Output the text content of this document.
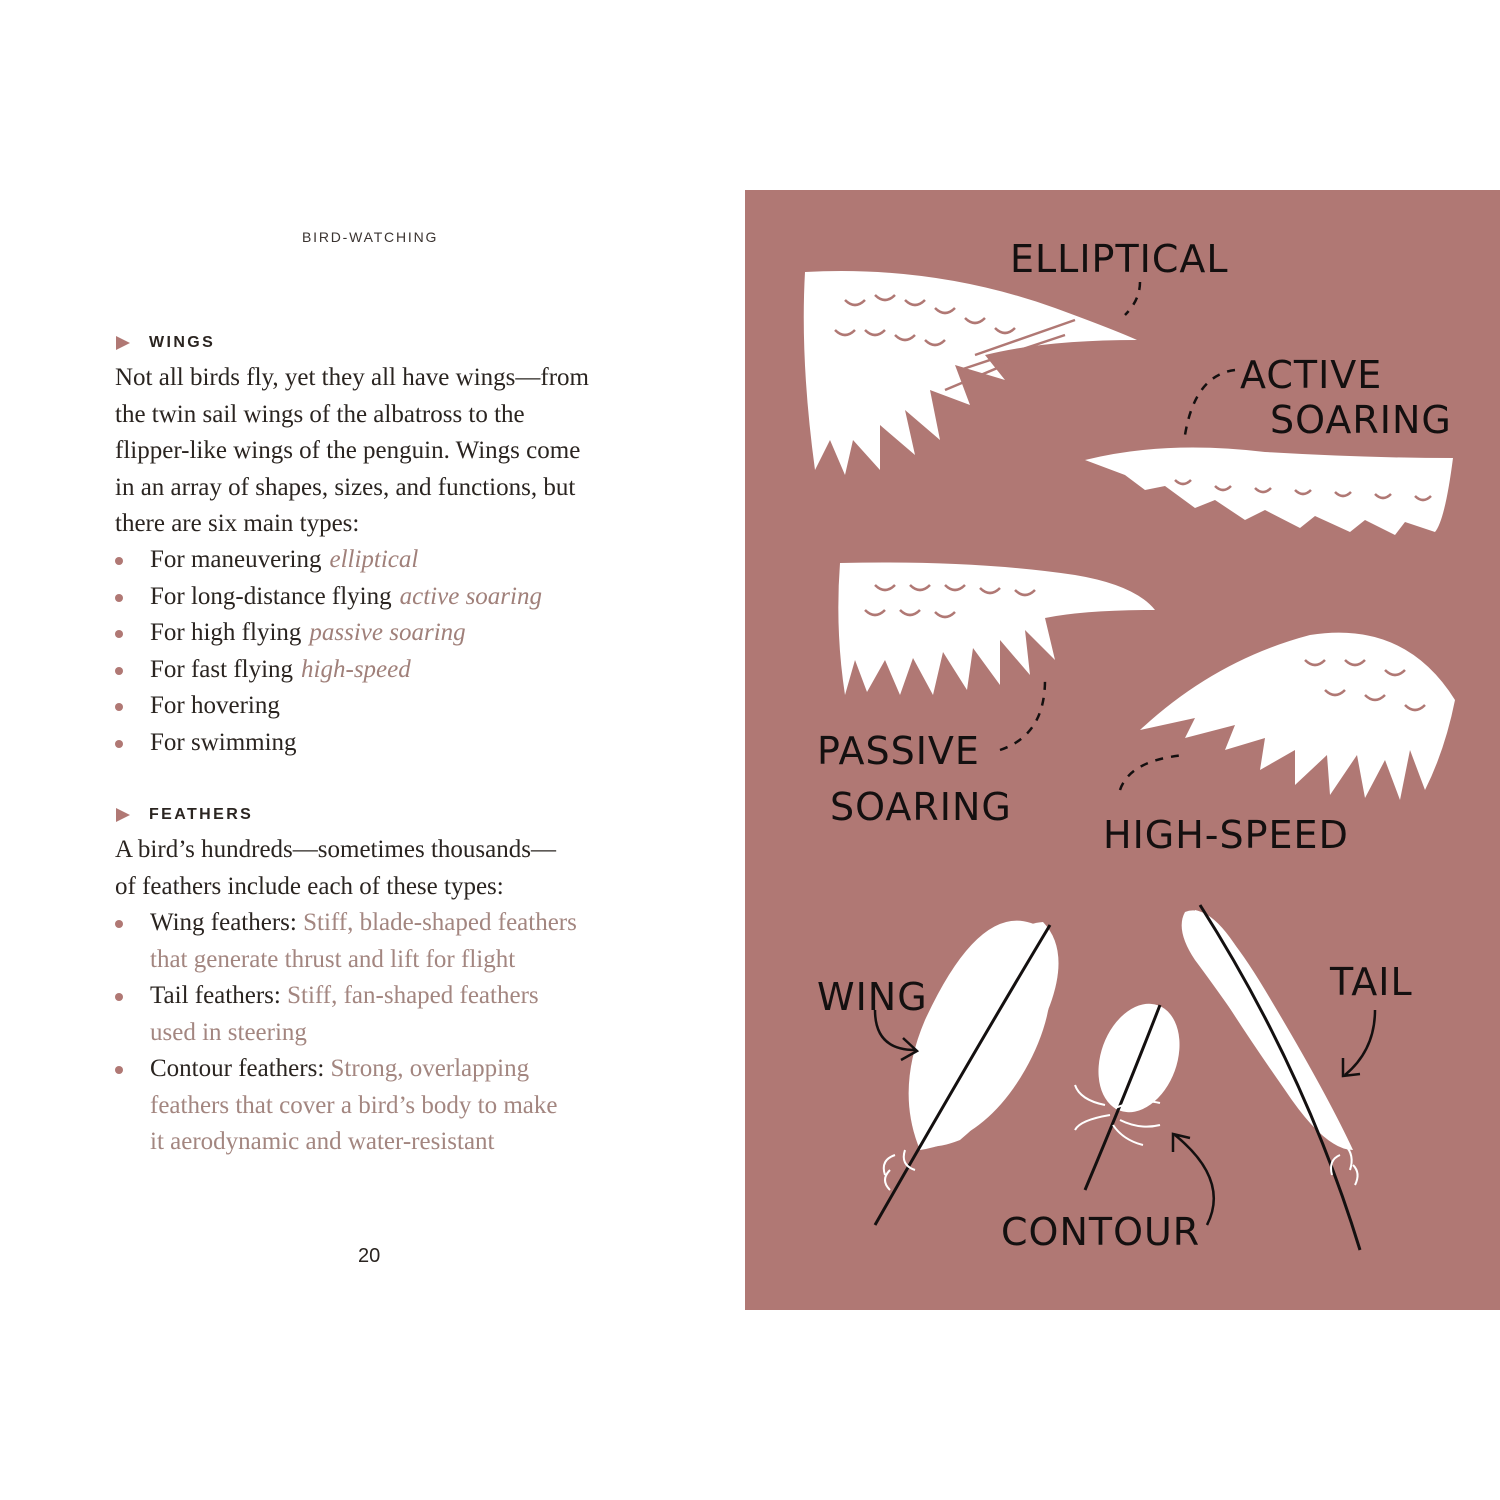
BIRD-WATCHING
WINGS
Not all birds fly, yet they all have wings—from
the twin sail wings of the albatross to the
flipper-like wings of the penguin. Wings come
in an array of shapes, sizes, and functions, but
there are six main types:
For maneuvering elliptical
For long-distance flying active soaring
For high flying passive soaring
For fast flying high-speed
For hovering
For swimming
FEATHERS
A bird’s hundreds—sometimes thousands—
of feathers include each of these types:
Wing feathers: Stiff, blade-shaped feathers
that generate thrust and lift for flight
Tail feathers: Stiff, fan-shaped feathers
used in steering
Contour feathers: Strong, overlapping
feathers that cover a bird’s body to make
it aerodynamic and water-resistant
20
ELLIPTICAL
ACTIVE
SOARING
PASSIVE
SOARING
HIGH-SPEED
WING	TAIL
CONTOUR
